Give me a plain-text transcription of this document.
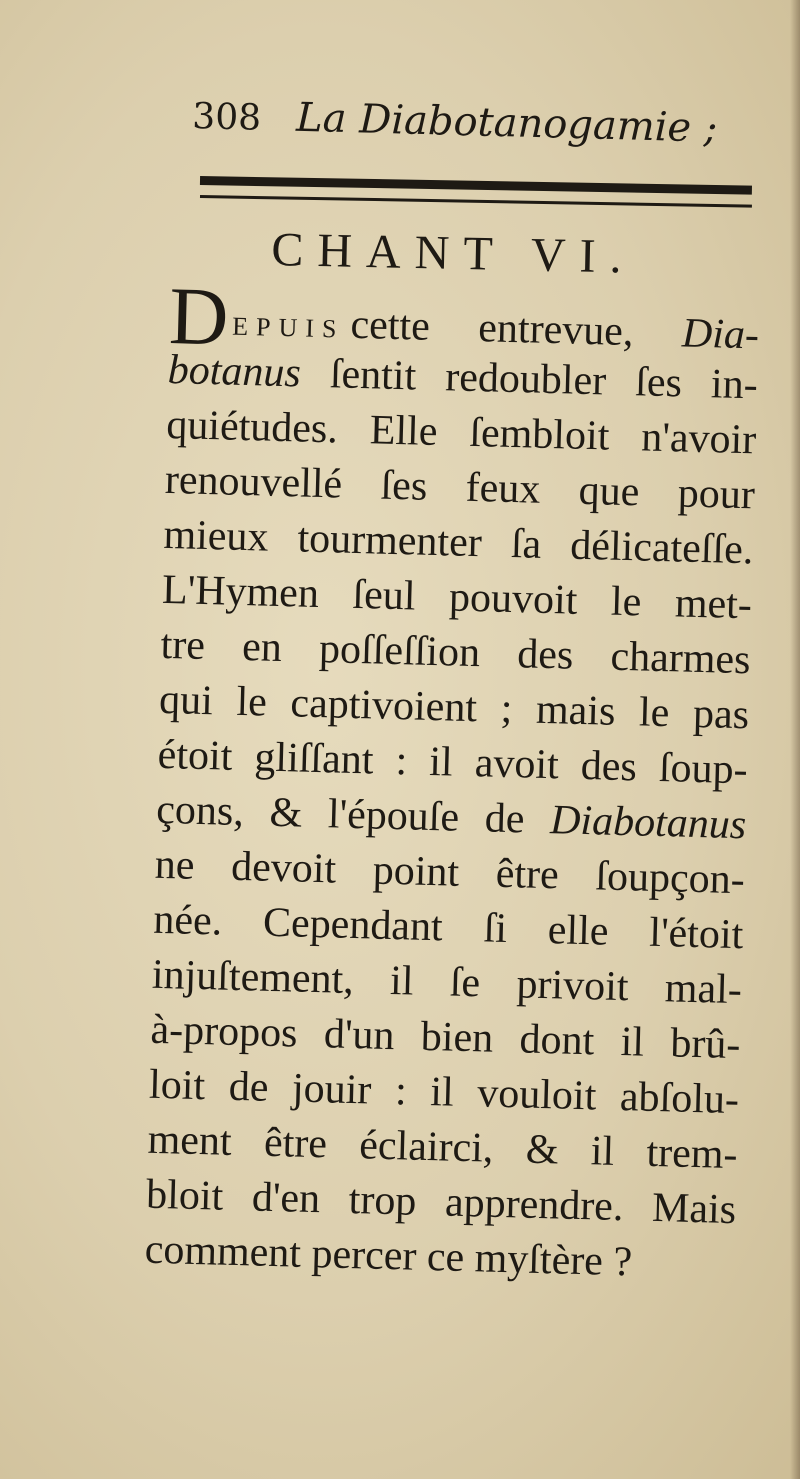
308 La Diabotanogamie ;
CHANT VI.
DEPUIS cette entrevue, Dia-
botanus ſentit redoubler ſes in-
quiétudes. Elle ſembloit n'avoir
renouvellé ſes feux que pour
mieux tourmenter ſa délicateſſe.
L'Hymen ſeul pouvoit le met-
tre en poſſeſſion des charmes
qui le captivoient ; mais le pas
étoit gliſſant : il avoit des ſoup-
çons, & l'épouſe de Diabotanus
ne devoit point être ſoupçon-
née. Cependant ſi elle l'étoit
injuſtement, il ſe privoit mal-
à-propos d'un bien dont il brû-
loit de jouir : il vouloit abſolu-
ment être éclairci, & il trem-
bloit d'en trop apprendre. Mais
comment percer ce myſtère ?
